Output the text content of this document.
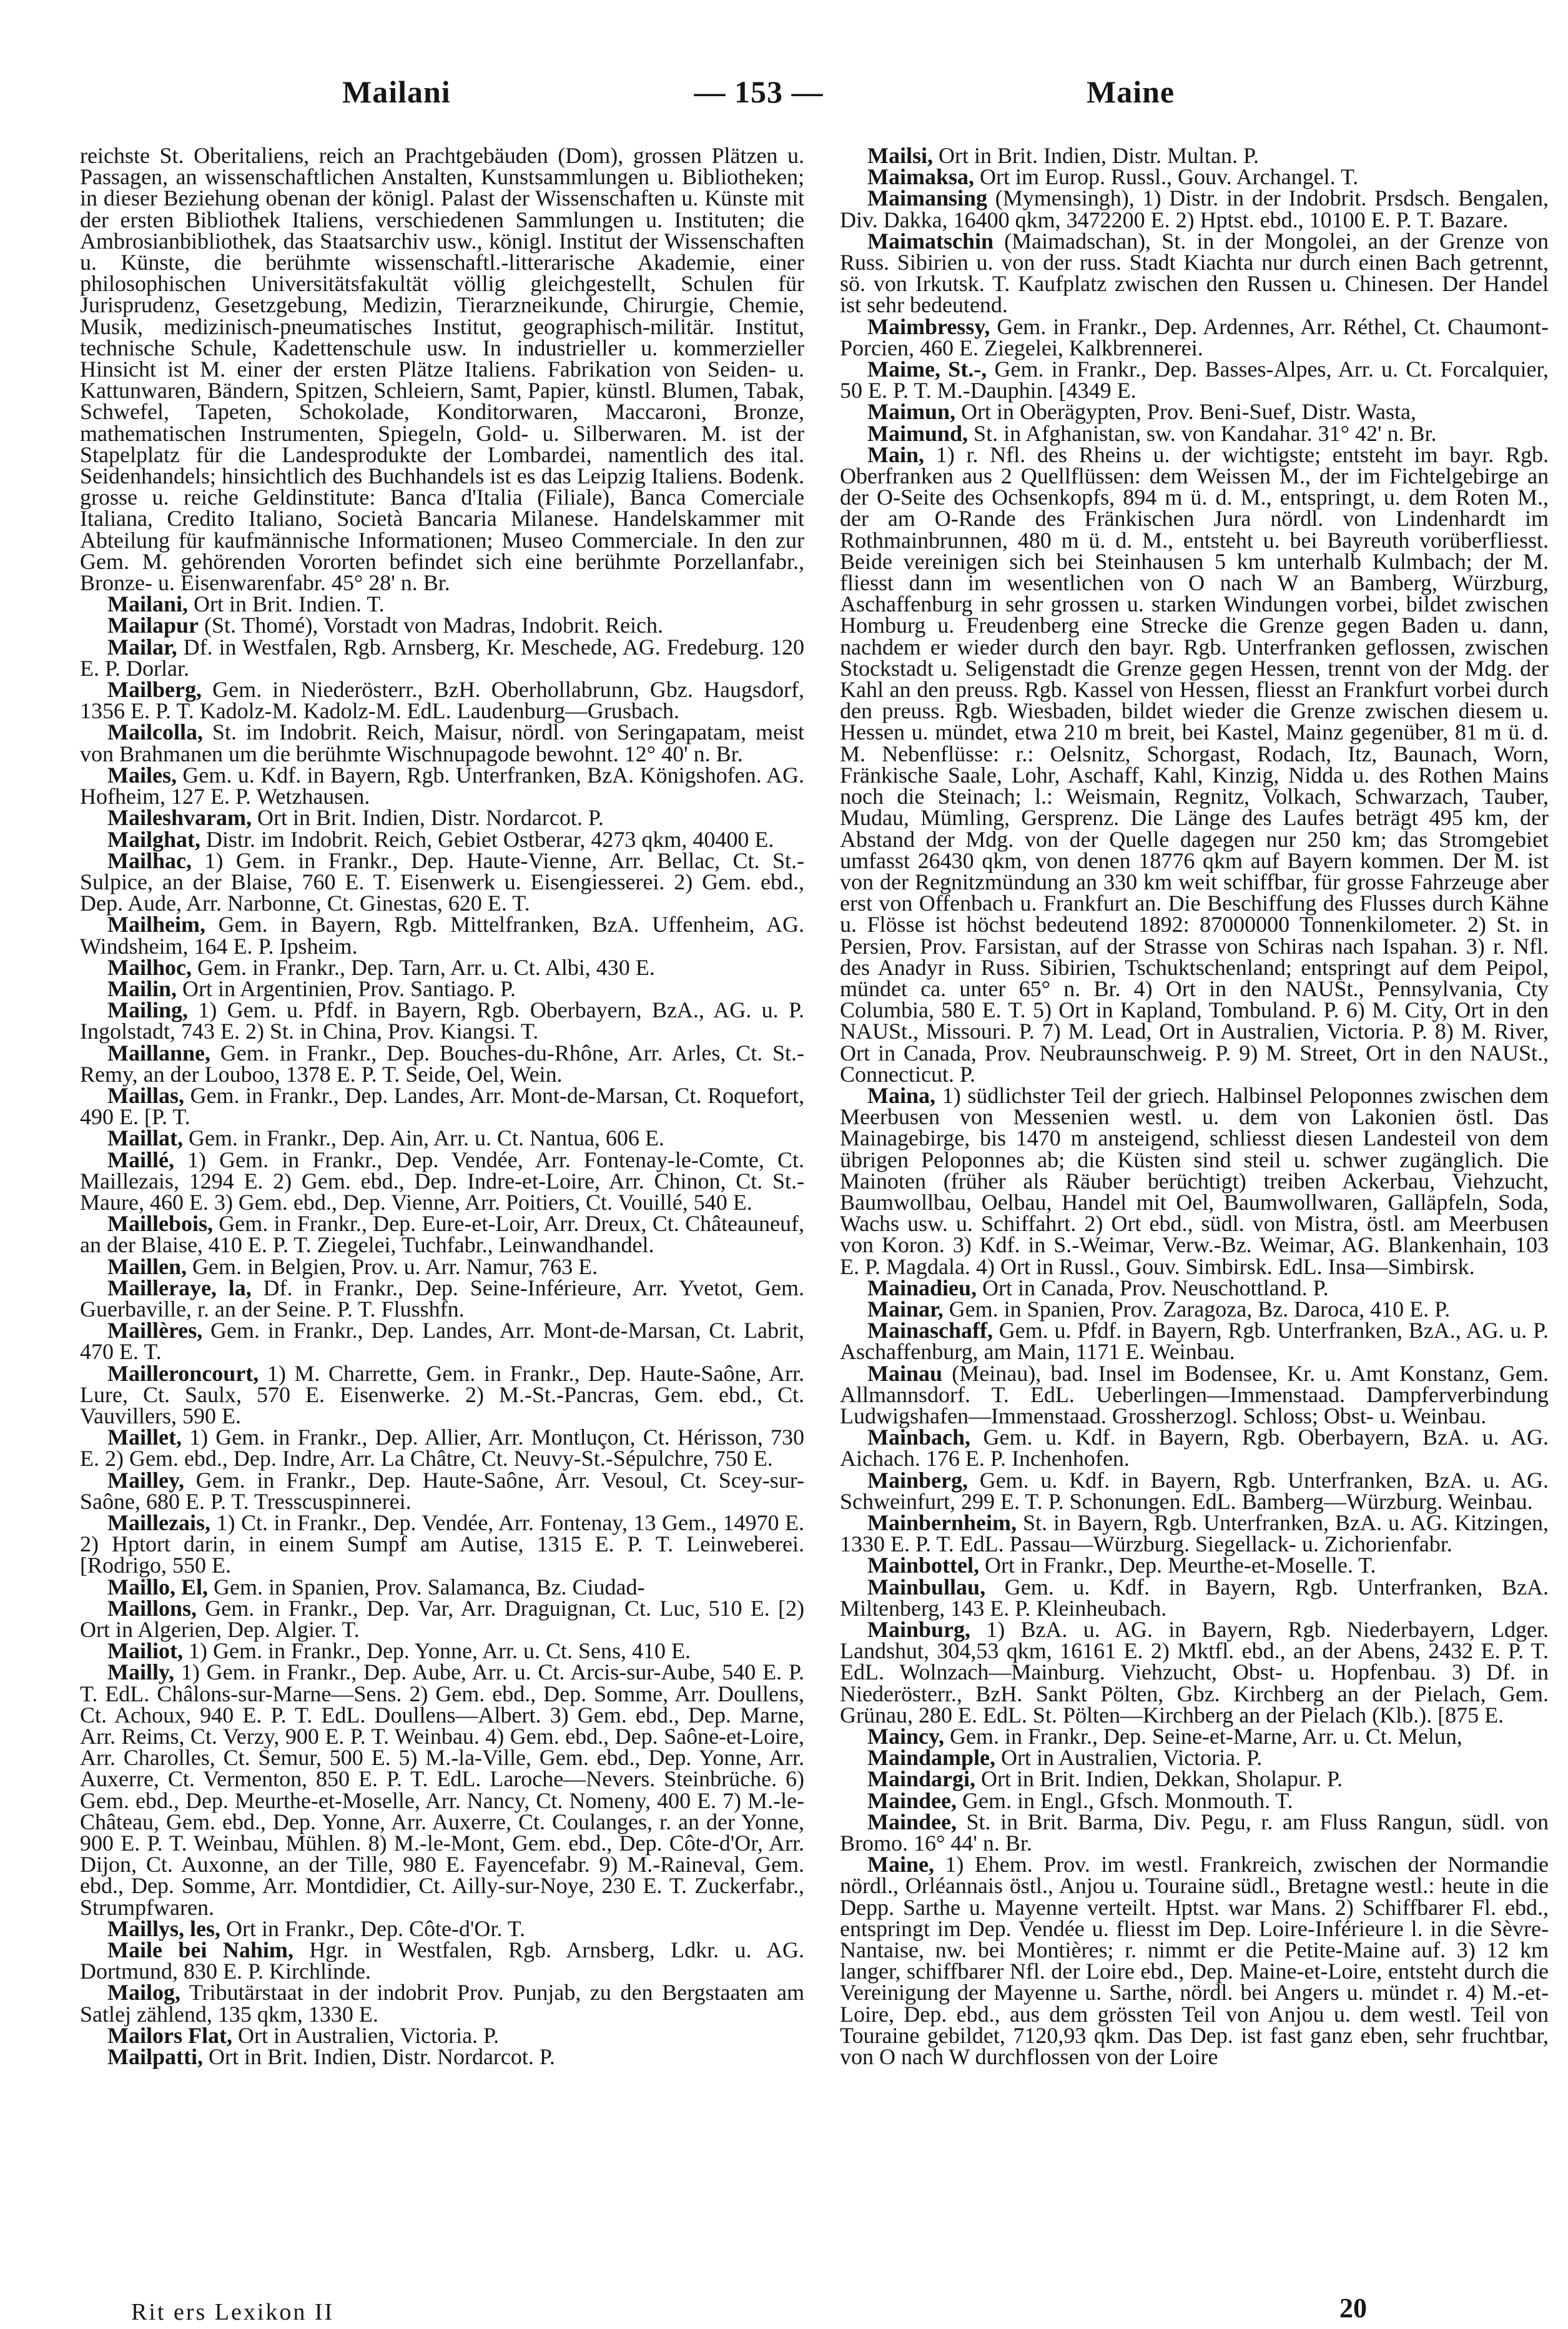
Mailani	— 153 —	Maine

reichste St. Oberitaliens, reich an Prachtgebäuden (Dom), grossen Plätzen u. Passagen, an wissenschaftlichen Anstalten, Kunstsammlungen u. Bibliotheken; in dieser Beziehung obenan der königl. Palast der Wissenschaften u. Künste mit der ersten Bibliothek Italiens, verschiedenen Sammlungen u. Instituten; die Ambrosianbibliothek, das Staatsarchiv usw., königl. Institut der Wissenschaften u. Künste, die berühmte wissenschaftl.-litterarische Akademie, einer philosophischen Universitätsfakultät völlig gleichgestellt, Schulen für Jurisprudenz, Gesetzgebung, Medizin, Tierarzneikunde, Chirurgie, Chemie, Musik, medizinisch-pneumatisches Institut, geographisch-militär. Institut, technische Schule, Kadettenschule usw. In industrieller u. kommerzieller Hinsicht ist M. einer der ersten Plätze Italiens. Fabrikation von Seiden- u. Kattunwaren, Bändern, Spitzen, Schleiern, Samt, Papier, künstl. Blumen, Tabak, Schwefel, Tapeten, Schokolade, Konditorwaren, Maccaroni, Bronze, mathematischen Instrumenten, Spiegeln, Gold- u. Silberwaren. M. ist der Stapelplatz für die Landesprodukte der Lombardei, namentlich des ital. Seidenhandels; hinsichtlich des Buchhandels ist es das Leipzig Italiens. Bodenk. grosse u. reiche Geldinstitute: Banca d'Italia (Filiale), Banca Comerciale Italiana, Credito Italiano, Società Bancaria Milanese. Handelskammer mit Abteilung für kaufmännische Informationen; Museo Commerciale. In den zur Gem. M. gehörenden Vororten befindet sich eine berühmte Porzellanfabr., Bronze- u. Eisenwarenfabr. 45° 28' n. Br.

Mailani, Ort in Brit. Indien. T.

Mailapur (St. Thomé), Vorstadt von Madras, Indobrit. Reich.

Mailar, Df. in Westfalen, Rgb. Arnsberg, Kr. Meschede, AG. Fredeburg. 120 E. P. Dorlar.

Mailberg, Gem. in Niederösterr., BzH. Oberhollabrunn, Gbz. Haugsdorf, 1356 E. P. T. Kadolz-M. Kadolz-M. EdL. Laudenburg—Grusbach.

Mailcolla, St. im Indobrit. Reich, Maisur, nördl. von Seringapatam, meist von Brahmanen um die berühmte Wischnupagode bewohnt. 12° 40' n. Br.

Mailes, Gem. u. Kdf. in Bayern, Rgb. Unterfranken, BzA. Königshofen. AG. Hofheim, 127 E. P. Wetzhausen.

Maileshvaram, Ort in Brit. Indien, Distr. Nordarcot. P.

Mailghat, Distr. im Indobrit. Reich, Gebiet Ostberar, 4273 qkm, 40400 E.

Mailhac, 1) Gem. in Frankr., Dep. Haute-Vienne, Arr. Bellac, Ct. St.-Sulpice, an der Blaise, 760 E. T. Eisenwerk u. Eisengiesserei. 2) Gem. ebd., Dep. Aude, Arr. Narbonne, Ct. Ginestas, 620 E. T.

Mailheim, Gem. in Bayern, Rgb. Mittelfranken, BzA. Uffenheim, AG. Windsheim, 164 E. P. Ipsheim.

Mailhoc, Gem. in Frankr., Dep. Tarn, Arr. u. Ct. Albi, 430 E.

Mailin, Ort in Argentinien, Prov. Santiago. P.

Mailing, 1) Gem. u. Pfdf. in Bayern, Rgb. Oberbayern, BzA., AG. u. P. Ingolstadt, 743 E. 2) St. in China, Prov. Kiangsi. T.

Maillanne, Gem. in Frankr., Dep. Bouches-du-Rhône, Arr. Arles, Ct. St.-Remy, an der Louboo, 1378 E. P. T. Seide, Oel, Wein.

Maillas, Gem. in Frankr., Dep. Landes, Arr. Mont-de-Marsan, Ct. Roquefort, 490 E. [P. T.

Maillat, Gem. in Frankr., Dep. Ain, Arr. u. Ct. Nantua, 606 E.

Maillé, 1) Gem. in Frankr., Dep. Vendée, Arr. Fontenay-le-Comte, Ct. Maillezais, 1294 E. 2) Gem. ebd., Dep. Indre-et-Loire, Arr. Chinon, Ct. St.-Maure, 460 E. 3) Gem. ebd., Dep. Vienne, Arr. Poitiers, Ct. Vouillé, 540 E.

Maillebois, Gem. in Frankr., Dep. Eure-et-Loir, Arr. Dreux, Ct. Châteauneuf, an der Blaise, 410 E. P. T. Ziegelei, Tuchfabr., Leinwandhandel.

Maillen, Gem. in Belgien, Prov. u. Arr. Namur, 763 E.

Mailleraye, la, Df. in Frankr., Dep. Seine-Inférieure, Arr. Yvetot, Gem. Guerbaville, r. an der Seine. P. T. Flusshfn.

Maillères, Gem. in Frankr., Dep. Landes, Arr. Mont-de-Marsan, Ct. Labrit, 470 E. T.

Mailleroncourt, 1) M. Charrette, Gem. in Frankr., Dep. Haute-Saône, Arr. Lure, Ct. Saulx, 570 E. Eisenwerke. 2) M.-St.-Pancras, Gem. ebd., Ct. Vauvillers, 590 E.

Maillet, 1) Gem. in Frankr., Dep. Allier, Arr. Montluçon, Ct. Hérisson, 730 E. 2) Gem. ebd., Dep. Indre, Arr. La Châtre, Ct. Neuvy-St.-Sépulchre, 750 E.

Mailley, Gem. in Frankr., Dep. Haute-Saône, Arr. Vesoul, Ct. Scey-sur-Saône, 680 E. P. T. Tresscuspinnerei.

Maillezais, 1) Ct. in Frankr., Dep. Vendée, Arr. Fontenay, 13 Gem., 14970 E. 2) Hptort darin, in einem Sumpf am Autise, 1315 E. P. T. Leinweberei. [Rodrigo, 550 E.

Maillo, El, Gem. in Spanien, Prov. Salamanca, Bz. Ciudad-

Maillons, Gem. in Frankr., Dep. Var, Arr. Draguignan, Ct. Luc, 510 E. [2) Ort in Algerien, Dep. Algier. T.

Mailiot, 1) Gem. in Frankr., Dep. Yonne, Arr. u. Ct. Sens, 410 E.

Mailly, 1) Gem. in Frankr., Dep. Aube, Arr. u. Ct. Arcis-sur-Aube, 540 E. P. T. EdL. Châlons-sur-Marne—Sens. 2) Gem. ebd., Dep. Somme, Arr. Doullens, Ct. Achoux, 940 E. P. T. EdL. Doullens—Albert. 3) Gem. ebd., Dep. Marne, Arr. Reims, Ct. Verzy, 900 E. P. T. Weinbau. 4) Gem. ebd., Dep. Saône-et-Loire, Arr. Charolles, Ct. Semur, 500 E. 5) M.-la-Ville, Gem. ebd., Dep. Yonne, Arr. Auxerre, Ct. Vermenton, 850 E. P. T. EdL. Laroche—Nevers. Steinbrüche. 6) Gem. ebd., Dep. Meurthe-et-Moselle, Arr. Nancy, Ct. Nomeny, 400 E. 7) M.-le-Château, Gem. ebd., Dep. Yonne, Arr. Auxerre, Ct. Coulanges, r. an der Yonne, 900 E. P. T. Weinbau, Mühlen. 8) M.-le-Mont, Gem. ebd., Dep. Côte-d'Or, Arr. Dijon, Ct. Auxonne, an der Tille, 980 E. Fayencefabr. 9) M.-Raineval, Gem. ebd., Dep. Somme, Arr. Montdidier, Ct. Ailly-sur-Noye, 230 E. T. Zuckerfabr., Strumpfwaren.

Maillys, les, Ort in Frankr., Dep. Côte-d'Or. T.

Maile bei Nahim, Hgr. in Westfalen, Rgb. Arnsberg, Ldkr. u. AG. Dortmund, 830 E. P. Kirchlinde.

Mailog, Tributärstaat in der indobrit Prov. Punjab, zu den Bergstaaten am Satlej zählend, 135 qkm, 1330 E.

Mailors Flat, Ort in Australien, Victoria. P.

Mailpatti, Ort in Brit. Indien, Distr. Nordarcot. P.

Mailsi, Ort in Brit. Indien, Distr. Multan. P.

Maimaksa, Ort im Europ. Russl., Gouv. Archangel. T.

Maimansing (Mymensingh), 1) Distr. in der Indobrit. Prsdsch. Bengalen, Div. Dakka, 16400 qkm, 3472200 E. 2) Hptst. ebd., 10100 E. P. T. Bazare.

Maimatschin (Maimadschan), St. in der Mongolei, an der Grenze von Russ. Sibirien u. von der russ. Stadt Kiachta nur durch einen Bach getrennt, sö. von Irkutsk. T. Kaufplatz zwischen den Russen u. Chinesen. Der Handel ist sehr bedeutend.

Maimbressy, Gem. in Frankr., Dep. Ardennes, Arr. Réthel, Ct. Chaumont-Porcien, 460 E. Ziegelei, Kalkbrennerei.

Maime, St.-, Gem. in Frankr., Dep. Basses-Alpes, Arr. u. Ct. Forcalquier, 50 E. P. T. M.-Dauphin. [4349 E.

Maimun, Ort in Oberägypten, Prov. Beni-Suef, Distr. Wasta,

Maimund, St. in Afghanistan, sw. von Kandahar. 31° 42' n. Br.

Main, 1) r. Nfl. des Rheins u. der wichtigste; entsteht im bayr. Rgb. Oberfranken aus 2 Quellflüssen: dem Weissen M., der im Fichtelgebirge an der O-Seite des Ochsenkopfs, 894 m ü. d. M., entspringt, u. dem Roten M., der am O-Rande des Fränkischen Jura nördl. von Lindenhardt im Rothmainbrunnen, 480 m ü. d. M., entsteht u. bei Bayreuth vorüberfliesst. Beide vereinigen sich bei Steinhausen 5 km unterhalb Kulmbach; der M. fliesst dann im wesentlichen von O nach W an Bamberg, Würzburg, Aschaffenburg in sehr grossen u. starken Windungen vorbei, bildet zwischen Homburg u. Freudenberg eine Strecke die Grenze gegen Baden u. dann, nachdem er wieder durch den bayr. Rgb. Unterfranken geflossen, zwischen Stockstadt u. Seligenstadt die Grenze gegen Hessen, trennt von der Mdg. der Kahl an den preuss. Rgb. Kassel von Hessen, fliesst an Frankfurt vorbei durch den preuss. Rgb. Wiesbaden, bildet wieder die Grenze zwischen diesem u. Hessen u. mündet, etwa 210 m breit, bei Kastel, Mainz gegenüber, 81 m ü. d. M. Nebenflüsse: r.: Oelsnitz, Schorgast, Rodach, Itz, Baunach, Worn, Fränkische Saale, Lohr, Aschaff, Kahl, Kinzig, Nidda u. des Rothen Mains noch die Steinach; l.: Weismain, Regnitz, Volkach, Schwarzach, Tauber, Mudau, Mümling, Gersprenz. Die Länge des Laufes beträgt 495 km, der Abstand der Mdg. von der Quelle dagegen nur 250 km; das Stromgebiet umfasst 26430 qkm, von denen 18776 qkm auf Bayern kommen. Der M. ist von der Regnitzmündung an 330 km weit schiffbar, für grosse Fahrzeuge aber erst von Offenbach u. Frankfurt an. Die Beschiffung des Flusses durch Kähne u. Flösse ist höchst bedeutend 1892: 87000000 Tonnenkilometer. 2) St. in Persien, Prov. Farsistan, auf der Strasse von Schiras nach Ispahan. 3) r. Nfl. des Anadyr in Russ. Sibirien, Tschuktschenland; entspringt auf dem Peipol, mündet ca. unter 65° n. Br. 4) Ort in den NAUSt., Pennsylvania, Cty Columbia, 580 E. T. 5) Ort in Kapland, Tombuland. P. 6) M. City, Ort in den NAUSt., Missouri. P. 7) M. Lead, Ort in Australien, Victoria. P. 8) M. River, Ort in Canada, Prov. Neubraunschweig. P. 9) M. Street, Ort in den NAUSt., Connecticut. P.

Maina, 1) südlichster Teil der griech. Halbinsel Peloponnes zwischen dem Meerbusen von Messenien westl. u. dem von Lakonien östl. Das Mainagebirge, bis 1470 m ansteigend, schliesst diesen Landesteil von dem übrigen Peloponnes ab; die Küsten sind steil u. schwer zugänglich. Die Mainoten (früher als Räuber berüchtigt) treiben Ackerbau, Viehzucht, Baumwollbau, Oelbau, Handel mit Oel, Baumwollwaren, Galläpfeln, Soda, Wachs usw. u. Schiffahrt. 2) Ort ebd., südl. von Mistra, östl. am Meerbusen von Koron. 3) Kdf. in S.-Weimar, Verw.-Bz. Weimar, AG. Blankenhain, 103 E. P. Magdala. 4) Ort in Russl., Gouv. Simbirsk. EdL. Insa—Simbirsk.

Mainadieu, Ort in Canada, Prov. Neuschottland. P.

Mainar, Gem. in Spanien, Prov. Zaragoza, Bz. Daroca, 410 E. P.

Mainaschaff, Gem. u. Pfdf. in Bayern, Rgb. Unterfranken, BzA., AG. u. P. Aschaffenburg, am Main, 1171 E. Weinbau.

Mainau (Meinau), bad. Insel im Bodensee, Kr. u. Amt Konstanz, Gem. Allmannsdorf. T. EdL. Ueberlingen—Immenstaad. Dampferverbindung Ludwigshafen—Immenstaad. Grossherzogl. Schloss; Obst- u. Weinbau.

Mainbach, Gem. u. Kdf. in Bayern, Rgb. Oberbayern, BzA. u. AG. Aichach. 176 E. P. Inchenhofen.

Mainberg, Gem. u. Kdf. in Bayern, Rgb. Unterfranken, BzA. u. AG. Schweinfurt, 299 E. T. P. Schonungen. EdL. Bamberg—Würzburg. Weinbau.

Mainbernheim, St. in Bayern, Rgb. Unterfranken, BzA. u. AG. Kitzingen, 1330 E. P. T. EdL. Passau—Würzburg. Siegellack- u. Zichorienfabr.

Mainbottel, Ort in Frankr., Dep. Meurthe-et-Moselle. T.

Mainbullau, Gem. u. Kdf. in Bayern, Rgb. Unterfranken, BzA. Miltenberg, 143 E. P. Kleinheubach.

Mainburg, 1) BzA. u. AG. in Bayern, Rgb. Niederbayern, Ldger. Landshut, 304,53 qkm, 16161 E. 2) Mktfl. ebd., an der Abens, 2432 E. P. T. EdL. Wolnzach—Mainburg. Viehzucht, Obst- u. Hopfenbau. 3) Df. in Niederösterr., BzH. Sankt Pölten, Gbz. Kirchberg an der Pielach, Gem. Grünau, 280 E. EdL. St. Pölten—Kirchberg an der Pielach (Klb.). [875 E.

Maincy, Gem. in Frankr., Dep. Seine-et-Marne, Arr. u. Ct. Melun,

Maindample, Ort in Australien, Victoria. P.

Maindargi, Ort in Brit. Indien, Dekkan, Sholapur. P.

Maindee, Gem. in Engl., Gfsch. Monmouth. T.

Maindee, St. in Brit. Barma, Div. Pegu, r. am Fluss Rangun, südl. von Bromo. 16° 44' n. Br.

Maine, 1) Ehem. Prov. im westl. Frankreich, zwischen der Normandie nördl., Orléannais östl., Anjou u. Touraine südl., Bretagne westl.: heute in die Depp. Sarthe u. Mayenne verteilt. Hptst. war Mans. 2) Schiffbarer Fl. ebd., entspringt im Dep. Vendée u. fliesst im Dep. Loire-Inférieure l. in die Sèvre-Nantaise, nw. bei Montières; r. nimmt er die Petite-Maine auf. 3) 12 km langer, schiffbarer Nfl. der Loire ebd., Dep. Maine-et-Loire, entsteht durch die Vereinigung der Mayenne u. Sarthe, nördl. bei Angers u. mündet r. 4) M.-et-Loire, Dep. ebd., aus dem grössten Teil von Anjou u. dem westl. Teil von Touraine gebildet, 7120,93 qkm. Das Dep. ist fast ganz eben, sehr fruchtbar, von O nach W durchflossen von der Loire

Rit ers Lexikon II	20
